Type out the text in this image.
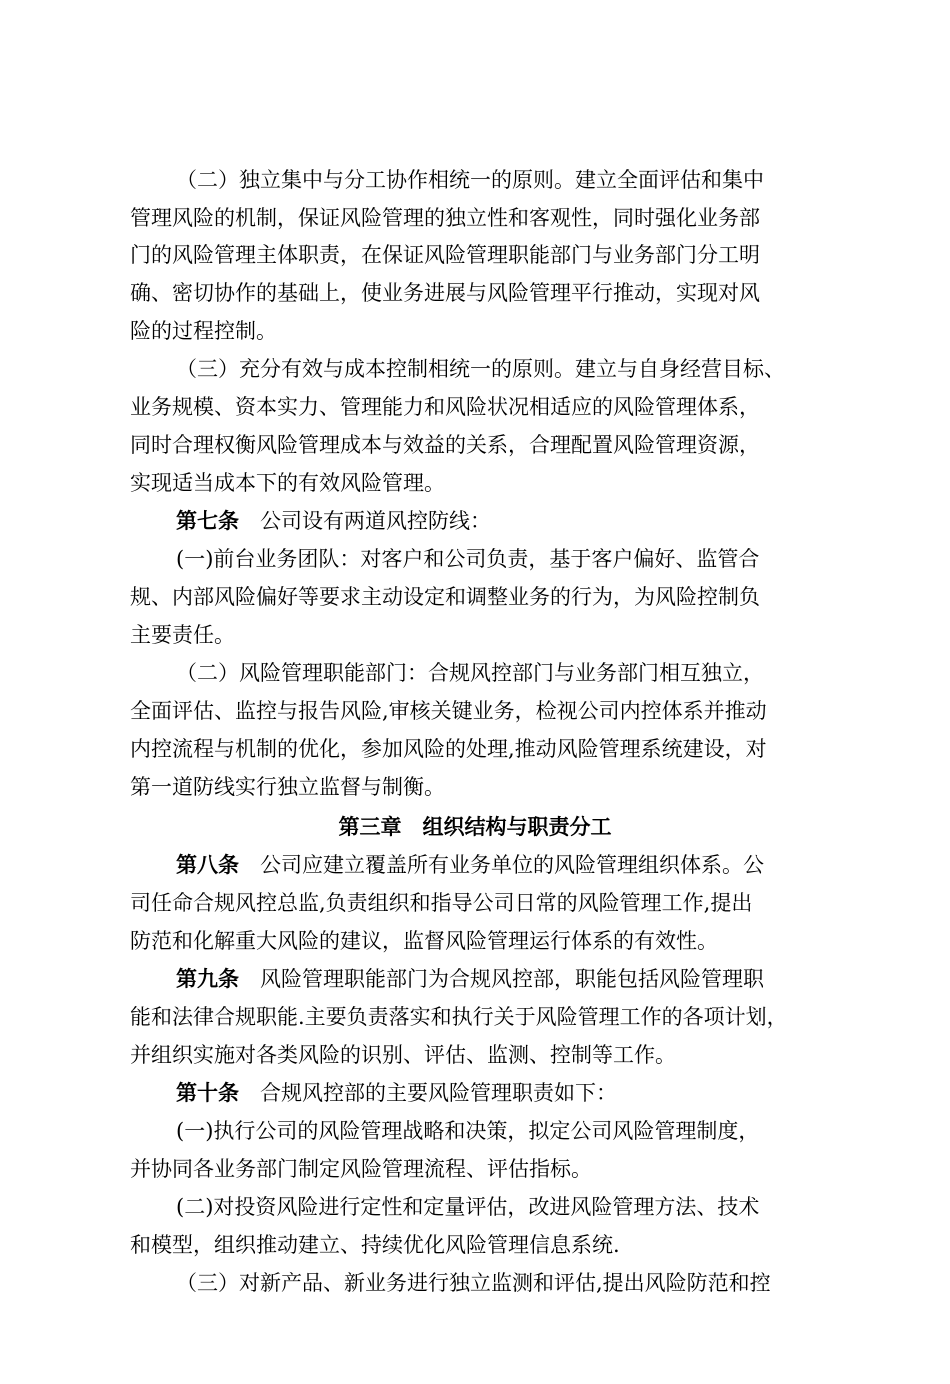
（二）独立集中与分工协作相统一的原则。建立全面评估和集中
管理风险的机制，保证风险管理的独立性和客观性，同时强化业务部
门的风险管理主体职责，在保证风险管理职能部门与业务部门分工明
确、密切协作的基础上，使业务进展与风险管理平行推动，实现对风
险的过程控制。
（三）充分有效与成本控制相统一的原则。建立与自身经营目标、
业务规模、资本实力、管理能力和风险状况相适应的风险管理体系，
同时合理权衡风险管理成本与效益的关系，合理配置风险管理资源，
实现适当成本下的有效风险管理。
第七条　 公司设有两道风控防线：
(一)前台业务团队：对客户和公司负责，基于客户偏好、监管合
规、内部风险偏好等要求主动设定和调整业务的行为，为风险控制负
主要责任。
（二）风险管理职能部门：合规风控部门与业务部门相互独立，
全面评估、监控与报告风险,审核关键业务，检视公司内控体系并推动
内控流程与机制的优化，参加风险的处理,推动风险管理系统建设，对
第一道防线实行独立监督与制衡。
第三章　组织结构与职责分工
第八条　 公司应建立覆盖所有业务单位的风险管理组织体系。公
司任命合规风控总监,负责组织和指导公司日常的风险管理工作,提出
防范和化解重大风险的建议，监督风险管理运行体系的有效性。
第九条　 风险管理职能部门为合规风控部，职能包括风险管理职
能和法律合规职能.主要负责落实和执行关于风险管理工作的各项计划，
并组织实施对各类风险的识别、评估、监测、控制等工作。
第十条　 合规风控部的主要风险管理职责如下：
(一)执行公司的风险管理战略和决策，拟定公司风险管理制度，
并协同各业务部门制定风险管理流程、评估指标。
(二)对投资风险进行定性和定量评估，改进风险管理方法、技术
和模型，组织推动建立、持续优化风险管理信息系统.
（三）对新产品、新业务进行独立监测和评估,提出风险防范和控
